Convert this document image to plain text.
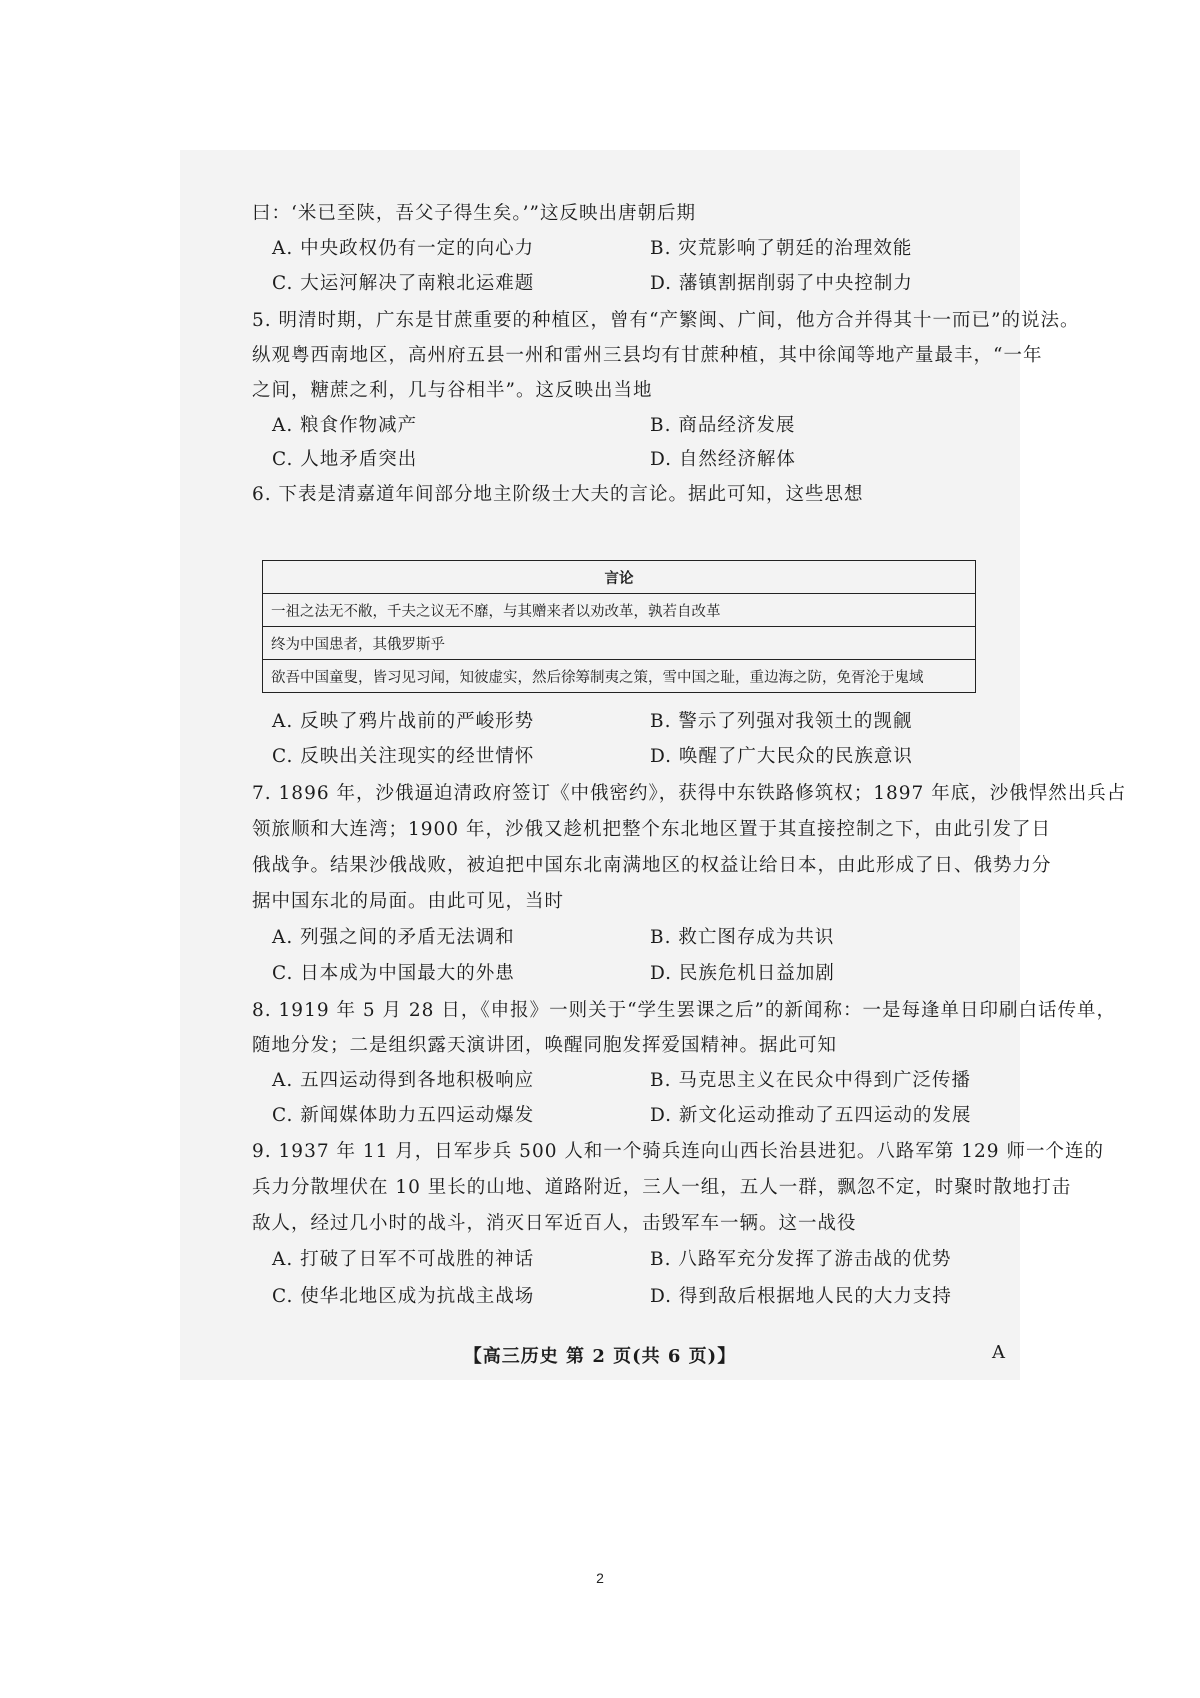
曰：‘米已至陕，吾父子得生矣。’”这反映出唐朝后期
A. 中央政权仍有一定的向心力	B. 灾荒影响了朝廷的治理效能
C. 大运河解决了南粮北运难题	D. 藩镇割据削弱了中央控制力
5. 明清时期，广东是甘蔗重要的种植区，曾有“产繁闽、广间，他方合并得其十一而已”的说法。
纵观粤西南地区，高州府五县一州和雷州三县均有甘蔗种植，其中徐闻等地产量最丰，“一年
之间，糖蔗之利，几与谷相半”。这反映出当地
A. 粮食作物减产	B. 商品经济发展
C. 人地矛盾突出	D. 自然经济解体
6. 下表是清嘉道年间部分地主阶级士大夫的言论。据此可知，这些思想
言论
一祖之法无不敝，千夫之议无不靡，与其赠来者以劝改革，孰若自改革
终为中国患者，其俄罗斯乎
欲吾中国童叟，皆习见习闻，知彼虚实，然后徐筹制夷之策，雪中国之耻，重边海之防，免胥沦于鬼域
A. 反映了鸦片战前的严峻形势	B. 警示了列强对我领土的觊觎
C. 反映出关注现实的经世情怀	D. 唤醒了广大民众的民族意识
7. 1896 年，沙俄逼迫清政府签订《中俄密约》，获得中东铁路修筑权；1897 年底，沙俄悍然出兵占
领旅顺和大连湾；1900 年，沙俄又趁机把整个东北地区置于其直接控制之下，由此引发了日
俄战争。结果沙俄战败，被迫把中国东北南满地区的权益让给日本，由此形成了日、俄势力分
据中国东北的局面。由此可见，当时
A. 列强之间的矛盾无法调和	B. 救亡图存成为共识
C. 日本成为中国最大的外患	D. 民族危机日益加剧
8. 1919 年 5 月 28 日，《申报》一则关于“学生罢课之后”的新闻称：一是每逢单日印刷白话传单，
随地分发；二是组织露天演讲团，唤醒同胞发挥爱国精神。据此可知
A. 五四运动得到各地积极响应	B. 马克思主义在民众中得到广泛传播
C. 新闻媒体助力五四运动爆发	D. 新文化运动推动了五四运动的发展
9. 1937 年 11 月，日军步兵 500 人和一个骑兵连向山西长治县进犯。八路军第 129 师一个连的
兵力分散埋伏在 10 里长的山地、道路附近，三人一组，五人一群，飘忽不定，时聚时散地打击
敌人，经过几小时的战斗，消灭日军近百人，击毁军车一辆。这一战役
A. 打破了日军不可战胜的神话	B. 八路军充分发挥了游击战的优势
C. 使华北地区成为抗战主战场	D. 得到敌后根据地人民的大力支持
【高三历史 第 2 页(共 6 页)】	A
2
